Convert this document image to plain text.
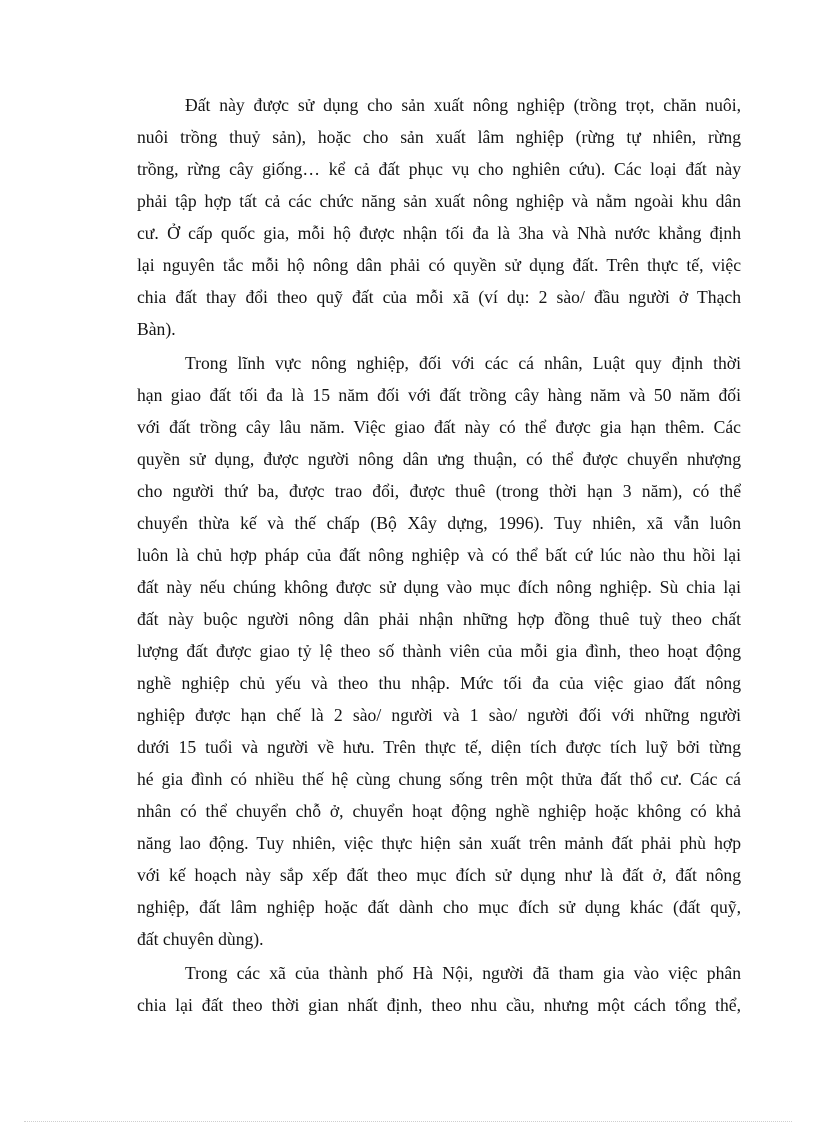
Đất này được sử dụng cho sản xuất nông nghiệp (trồng trọt, chăn nuôi,
nuôi trồng thuỷ sản), hoặc cho sản xuất lâm nghiệp (rừng tự nhiên, rừng
trồng, rừng cây giống… kể cả đất phục vụ cho nghiên cứu). Các loại đất này
phải tập hợp tất cả các chức năng sản xuất nông nghiệp và nằm ngoài khu dân
cư. Ở cấp quốc gia, mỗi hộ được nhận tối đa là 3ha và Nhà nước khẳng định
lại nguyên tắc mỗi hộ nông dân phải có quyền sử dụng đất. Trên thực tế, việc
chia đất thay đổi theo quỹ đất của mỗi xã (ví dụ: 2 sào/ đầu người ở Thạch
Bàn).
Trong lĩnh vực nông nghiệp, đối với các cá nhân, Luật quy định thời
hạn giao đất tối đa là 15 năm đối với đất trồng cây hàng năm và 50 năm đối
với đất trồng cây lâu năm. Việc giao đất này có thể được gia hạn thêm. Các
quyền sử dụng, được người nông dân ưng thuận, có thể được chuyển nhượng
cho người thứ ba, được trao đổi, được thuê (trong thời hạn 3 năm), có thể
chuyển thừa kế và thế chấp (Bộ Xây dựng, 1996). Tuy nhiên, xã vẫn luôn
luôn là chủ hợp pháp của đất nông nghiệp và có thể bất cứ lúc nào thu hồi lại
đất này nếu chúng không được sử dụng vào mục đích nông nghiệp. Sù chia lại
đất này buộc người nông dân phải nhận những hợp đồng thuê tuỳ theo chất
lượng đất được giao tỷ lệ theo số thành viên của mỗi gia đình, theo hoạt động
nghề nghiệp chủ yếu và theo thu nhập. Mức tối đa của việc giao đất nông
nghiệp được hạn chế là 2 sào/ người và 1 sào/ người đối với những người
dưới 15 tuổi và người về hưu. Trên thực tế, diện tích được tích luỹ bởi từng
hé gia đình có nhiều thế hệ cùng chung sống trên một thửa đất thổ cư. Các cá
nhân có thể chuyển chỗ ở, chuyển hoạt động nghề nghiệp hoặc không có khả
năng lao động. Tuy nhiên, việc thực hiện sản xuất trên mảnh đất phải phù hợp
với kế hoạch này sắp xếp đất theo mục đích sử dụng như là đất ở, đất nông
nghiệp, đất lâm nghiệp hoặc đất dành cho mục đích sử dụng khác (đất quỹ,
đất chuyên dùng).
Trong các xã của thành phố Hà Nội, người đã tham gia vào việc phân
chia lại đất theo thời gian nhất định, theo nhu cầu, nhưng một cách tổng thể,
